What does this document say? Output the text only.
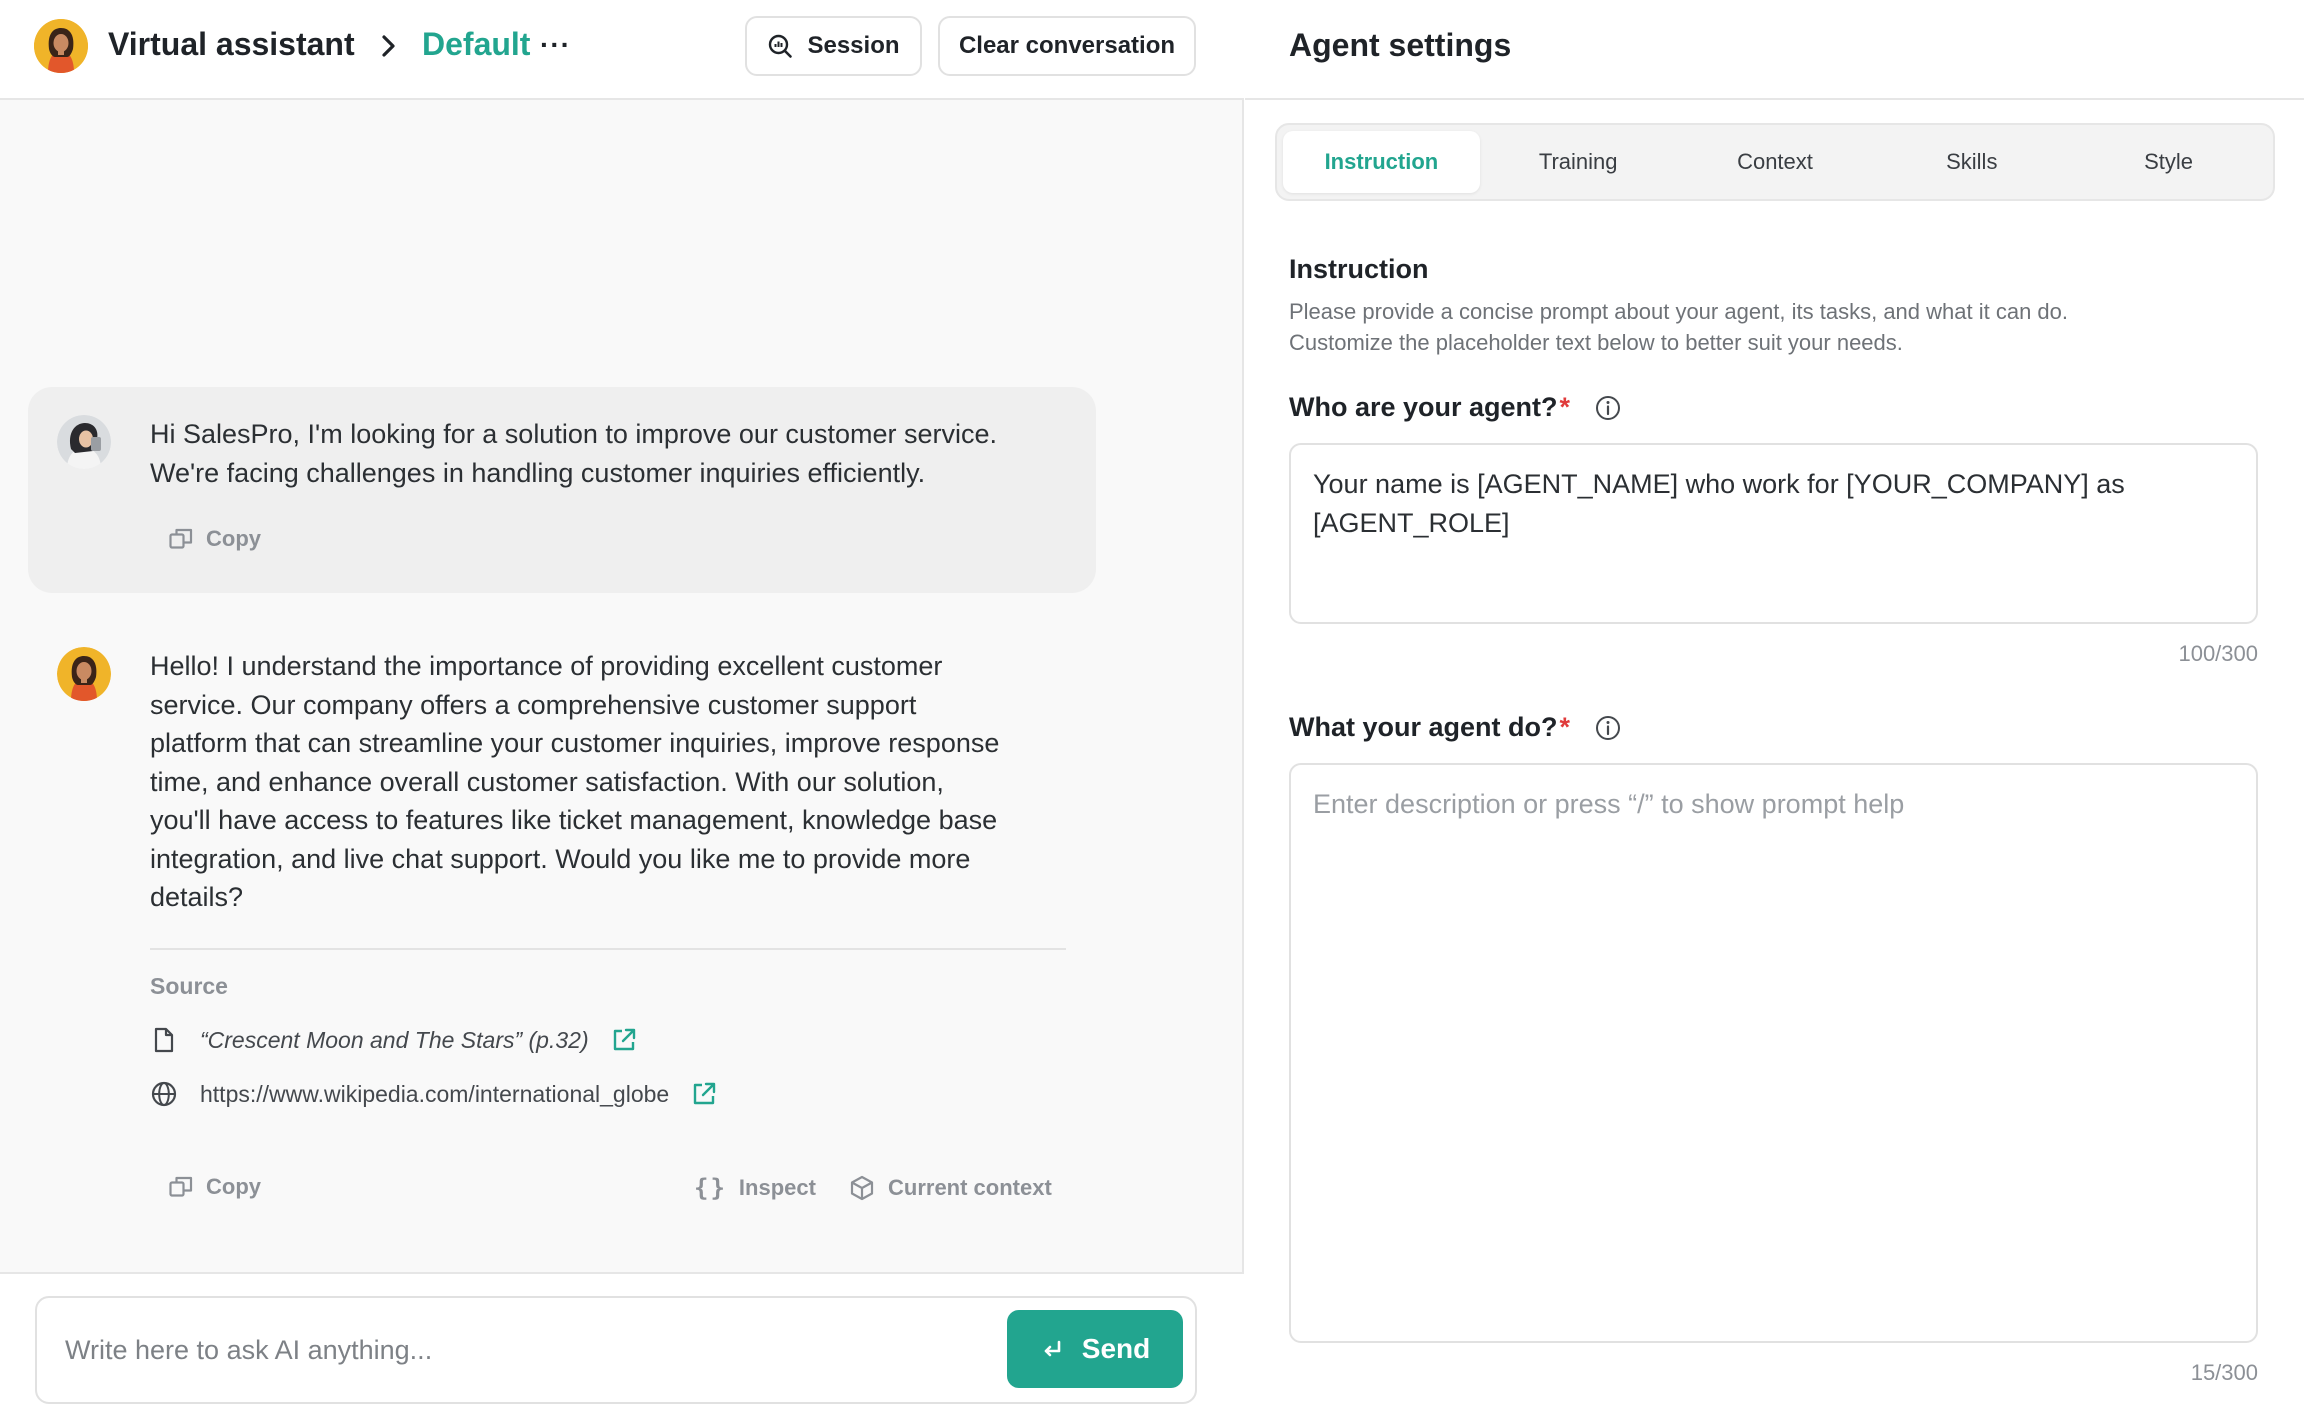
Virtual assistant Default ···	Session Clear conversation
Hi SalesPro, I'm looking for a solution to improve our customer service.
We're facing challenges in handling customer inquiries efficiently.
Copy
Hello! I understand the importance of providing excellent customer
service. Our company offers a comprehensive customer support
platform that can streamline your customer inquiries, improve response
time, and enhance overall customer satisfaction. With our solution,
you'll have access to features like ticket management, knowledge base
integration, and live chat support. Would you like me to provide more
details?
Source
“Crescent Moon and The Stars” (p.32)
https://www.wikipedia.com/international_globe
Copy	{} Inspect	Current context
Write here to ask AI anything...
Send
Agent settings
Instruction	Training	Context	Skills	Style
Instruction
Please provide a concise prompt about your agent, its tasks, and what it can do.
Customize the placeholder text below to better suit your needs.
Who are your agent? *
Your name is [AGENT_NAME] who work for [YOUR_COMPANY] as
[AGENT_ROLE]
100/300
What your agent do? *
Enter description or press “/” to show prompt help
15/300
